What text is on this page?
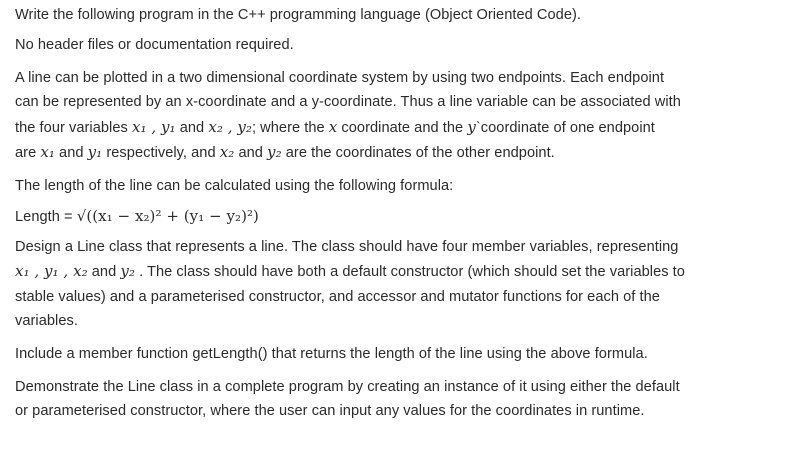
Write the following program in the C++ programming language (Object Oriented Code).
No header files or documentation required.
A line can be plotted in a two dimensional coordinate system by using two endpoints. Each endpoint
can be represented by an x-coordinate and a y-coordinate. Thus a line variable can be associated with
the four variables x₁ , y₁ and x₂ , y₂; where the x coordinate and the y`coordinate of one endpoint
are x₁ and y₁ respectively, and x₂ and y₂ are the coordinates of the other endpoint.
The length of the line can be calculated using the following formula:
Length = √((x₁ − x₂)² + (y₁ − y₂)²)
Design a Line class that represents a line. The class should have four member variables, representing
x₁ , y₁ , x₂ and y₂ . The class should have both a default constructor (which should set the variables to
stable values) and a parameterised constructor, and accessor and mutator functions for each of the
variables.
Include a member function getLength() that returns the length of the line using the above formula.
Demonstrate the Line class in a complete program by creating an instance of it using either the default
or parameterised constructor, where the user can input any values for the coordinates in runtime.
